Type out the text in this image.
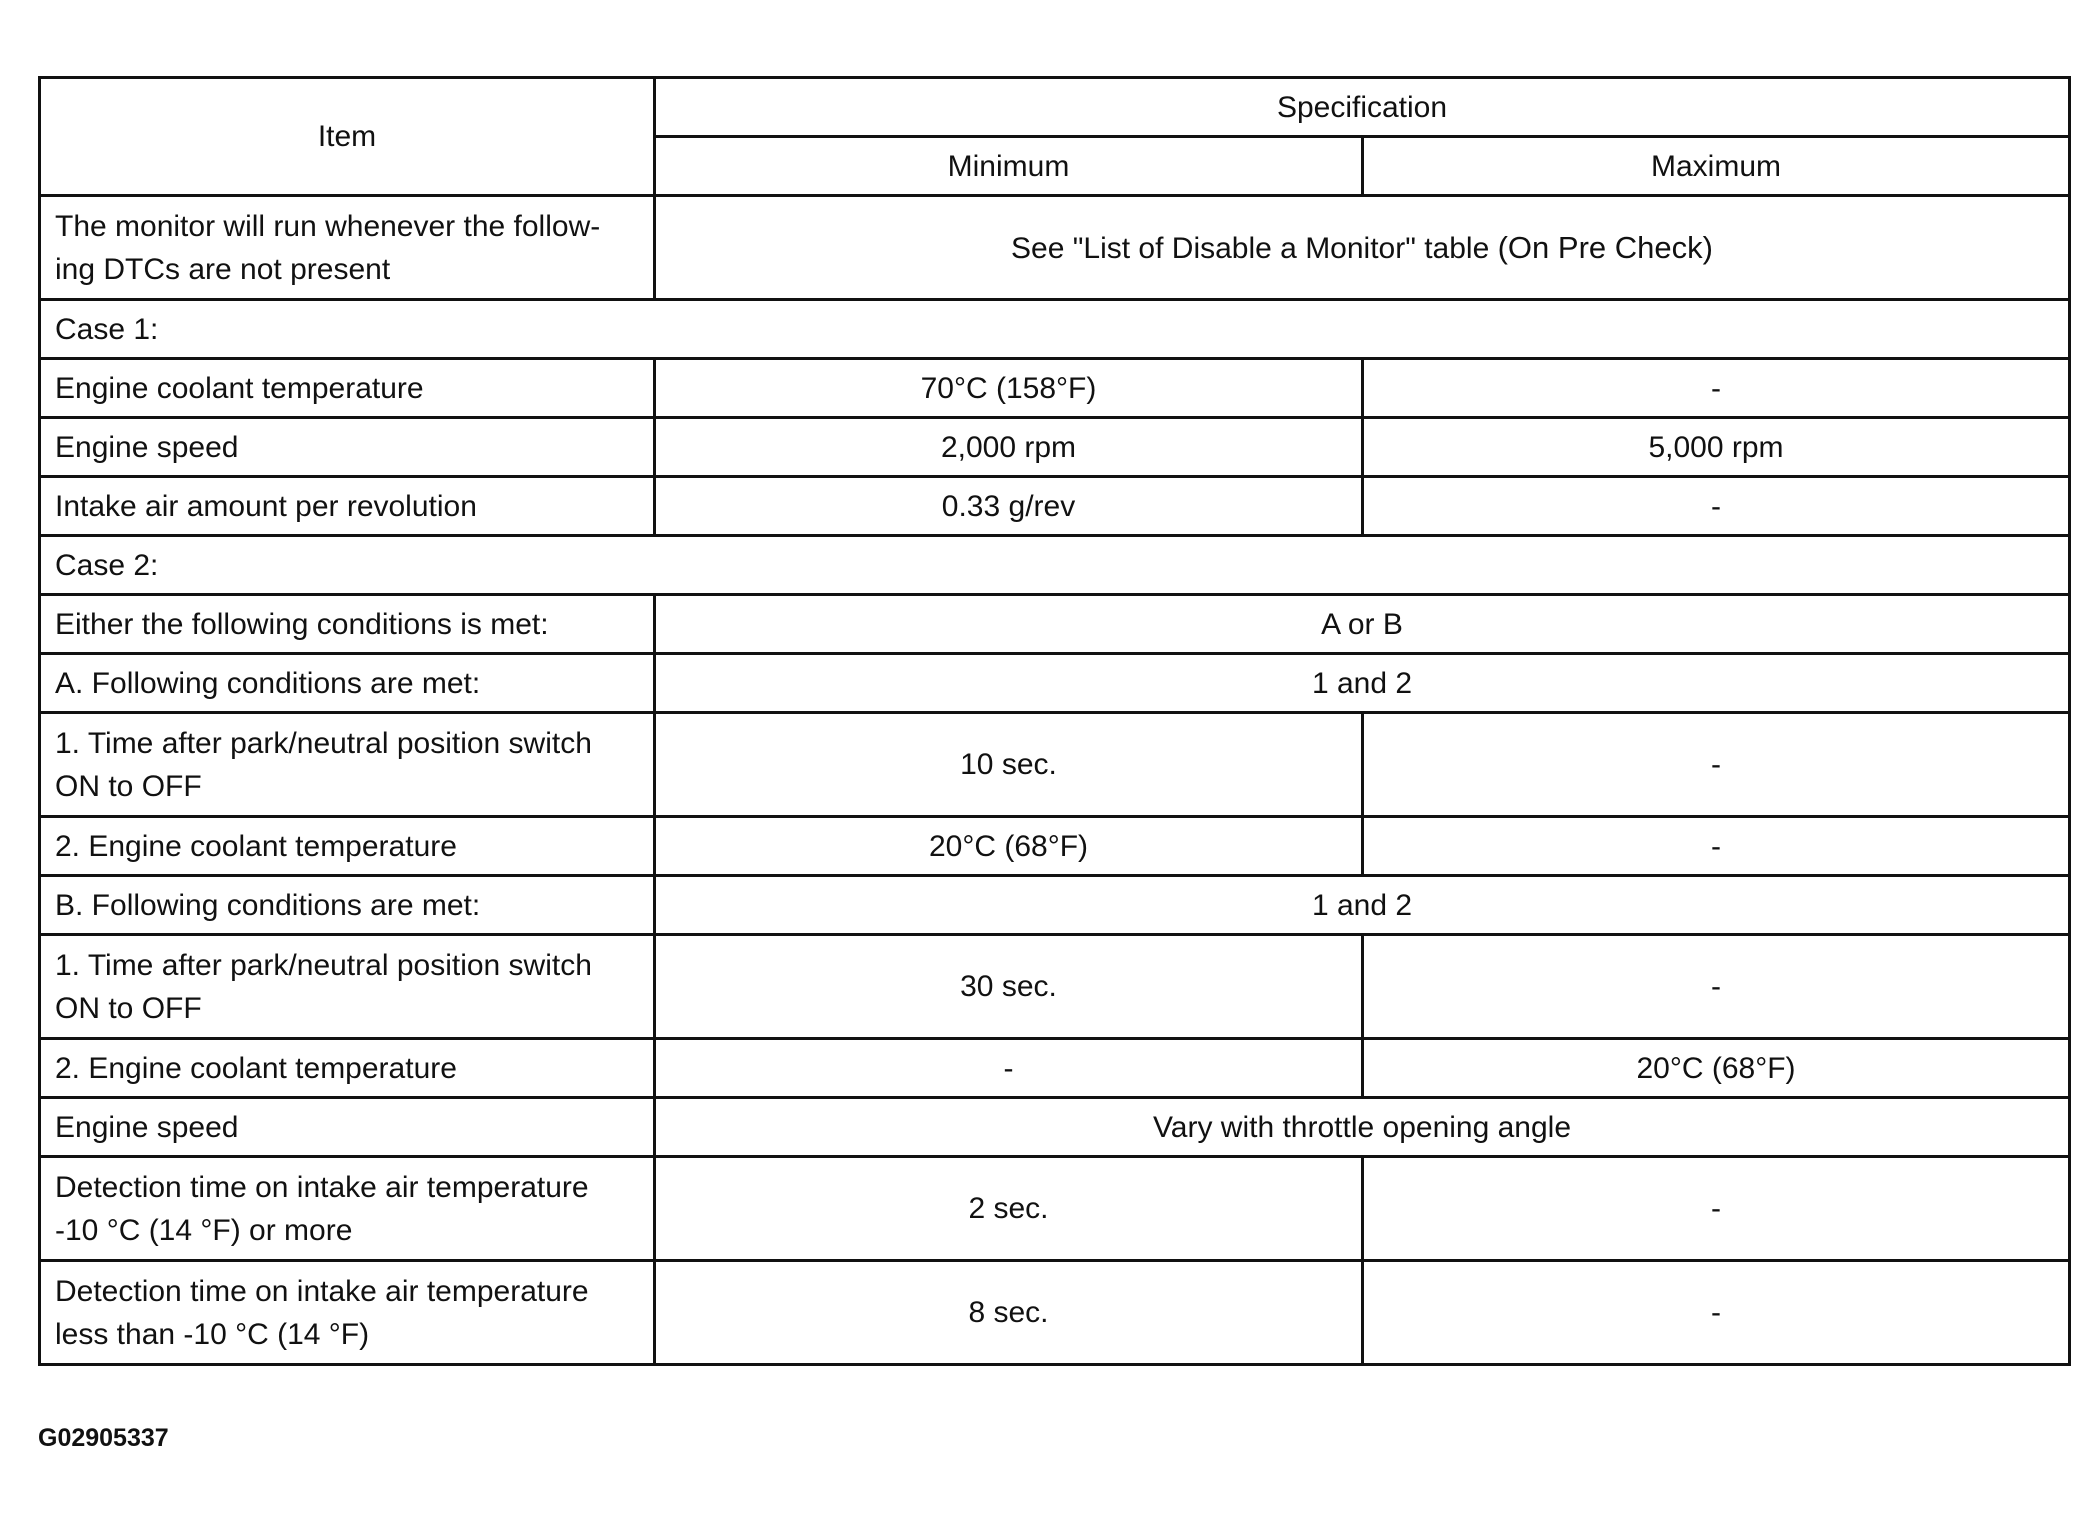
Item	Specification	
	Minimum	Maximum

The monitor will run whenever the follow-
ing DTCs are not present	See "List of Disable a Monitor" table (On Pre Check)	
Case 1:		
Engine coolant temperature	70°C (158°F)	-
Engine speed	2,000 rpm	5,000 rpm
Intake air amount per revolution	0.33 g/rev	-
Case 2:		
Either the following conditions is met:	A or B	
A. Following conditions are met:	1 and 2	

1. Time after park/neutral position switch
ON to OFF	10 sec.	-
2. Engine coolant temperature	20°C (68°F)	-
B. Following conditions are met:	1 and 2	

1. Time after park/neutral position switch
ON to OFF	30 sec.	-
2. Engine coolant temperature	-	20°C (68°F)
Engine speed	Vary with throttle opening angle	

Detection time on intake air temperature
-10 °C (14 °F) or more	2 sec.	-

Detection time on intake air temperature
less than -10 °C (14 °F)	8 sec.	-
G02905337
